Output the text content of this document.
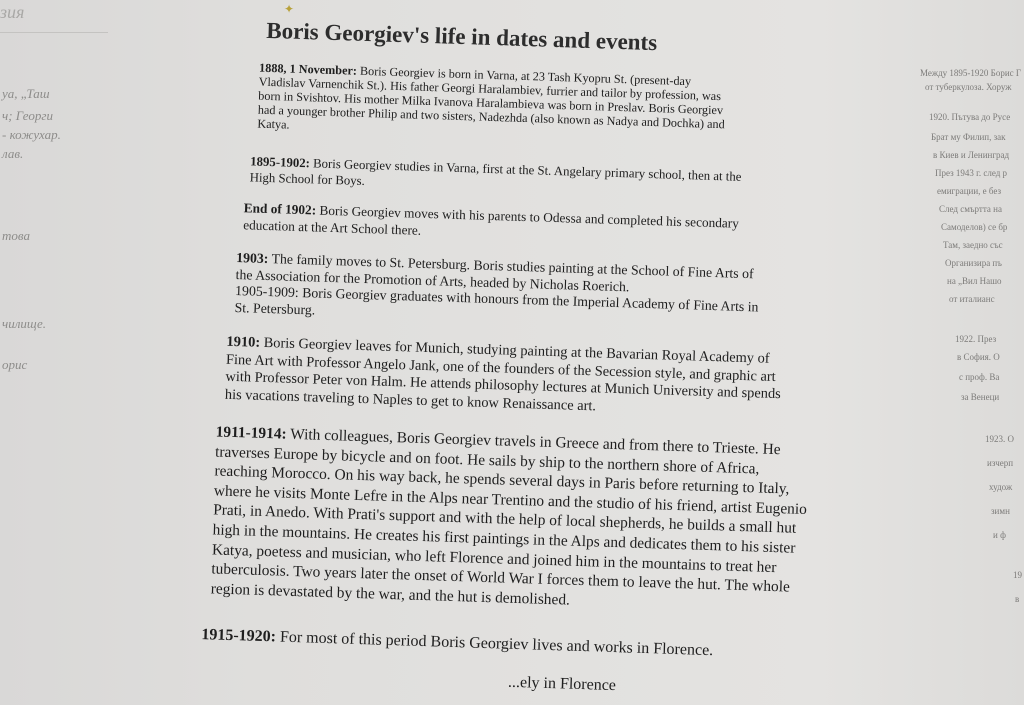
зия
уа, „Таш
ч; Георги
- кожухар.
лав.
това
чилище.
орис
Между 1895-1920 Борис Г
от туберкулоза. Хоруж
1920. Пътува до Русе
Брат му Филип, зак
в Киев и Ленинград
През 1943 г. след р
емиграции, е без
След смъртта на
Самоделов) се бр
Там, заедно със
Организира пъ
на „Вил Нашо
от италианс
1922. През
в София. О
с проф. Ва
за Венеци
1923. О
изчерп
худож
зимн
и ф
19
в
✦
Boris Georgiev's life in dates and events

1888, 1 November: Boris Georgiev is born in Varna, at 23 Tash Kyopru St. (present-day
Vladislav Varnenchik St.). His father Georgi Haralambiev, furrier and tailor by profession, was
born in Svishtov. His mother Milka Ivanova Haralambieva was born in Preslav. Boris Georgiev
had a younger brother Philip and two sisters, Nadezhda (also known as Nadya and Dochka) and
Katya.

1895-1902: Boris Georgiev studies in Varna, first at the St. Angelary primary school, then at the
High School for Boys.

End of 1902: Boris Georgiev moves with his parents to Odessa and completed his secondary
education at the Art School there.

1903: The family moves to St. Petersburg. Boris studies painting at the School of Fine Arts of
the Association for the Promotion of Arts, headed by Nicholas Roerich.
1905-1909: Boris Georgiev graduates with honours from the Imperial Academy of Fine Arts in
St. Petersburg.

1910: Boris Georgiev leaves for Munich, studying painting at the Bavarian Royal Academy of
Fine Art with Professor Angelo Jank, one of the founders of the Secession style, and graphic art
with Professor Peter von Halm. He attends philosophy lectures at Munich University and spends
his vacations traveling to Naples to get to know Renaissance art.

1911-1914: With colleagues, Boris Georgiev travels in Greece and from there to Trieste. He
traverses Europe by bicycle and on foot. He sails by ship to the northern shore of Africa,
reaching Morocco. On his way back, he spends several days in Paris before returning to Italy,
where he visits Monte Lefre in the Alps near Trentino and the studio of his friend, artist Eugenio
Prati, in Anedo. With Prati's support and with the help of local shepherds, he builds a small hut
high in the mountains. He creates his first paintings in the Alps and dedicates them to his sister
Katya, poetess and musician, who left Florence and joined him in the mountains to treat her
tuberculosis. Two years later the onset of World War I forces them to leave the hut. The whole
region is devastated by the war, and the hut is demolished.

1915-1920: For most of this period Boris Georgiev lives and works in Florence.

...ely in Florence
